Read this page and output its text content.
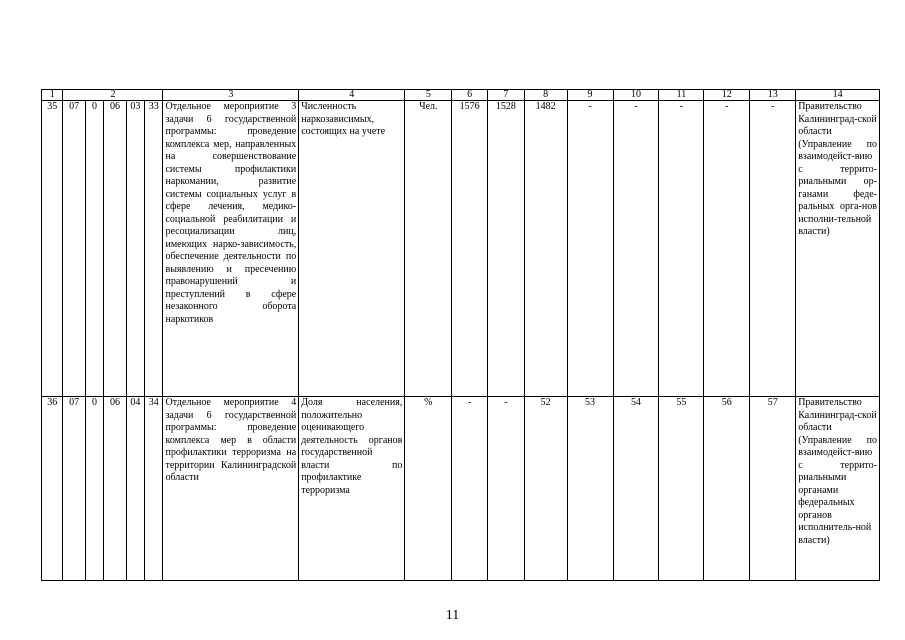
1	2					3	4	5	6	7	8	9	10	11	12	13	14
35	07	0	06	03	33	Отдельное мероприятие 3 задачи 6 государственной программы: проведение комплекса мер, направленных на совершенствование системы профилактики наркомании, развитие системы социальных услуг в сфере лечения, медико-социальной реабилитации и ресоциализации лиц, имеющих нарко-зависимость, обеспечение деятельности по выявлению и пресечению правонарушений и преступлений в сфере незаконного оборота наркотиков	Численность наркозависимых, состоящих на учете	Чел.	1576	1528	1482	-	-	-	-	-	Правительство Калининград-ской области (Управление по взаимодейст-вию с террито-риальными ор-ганами феде-ральных орга-нов исполни-тельной власти)
36	07	0	06	04	34	Отдельное мероприятие 4 задачи 6 государственной программы: проведение комплекса мер в области профилактики терроризма на территории Калининградской области	Доля населения, положительно оценивающего деятельность органов государственной власти по профилактике терроризма	%	-	-	52	53	54	55	56	57	Правительство Калининград-ской области (Управление по взаимодейст-вию с террито-риальными органами федеральных органов исполнитель-ной власти)
11
